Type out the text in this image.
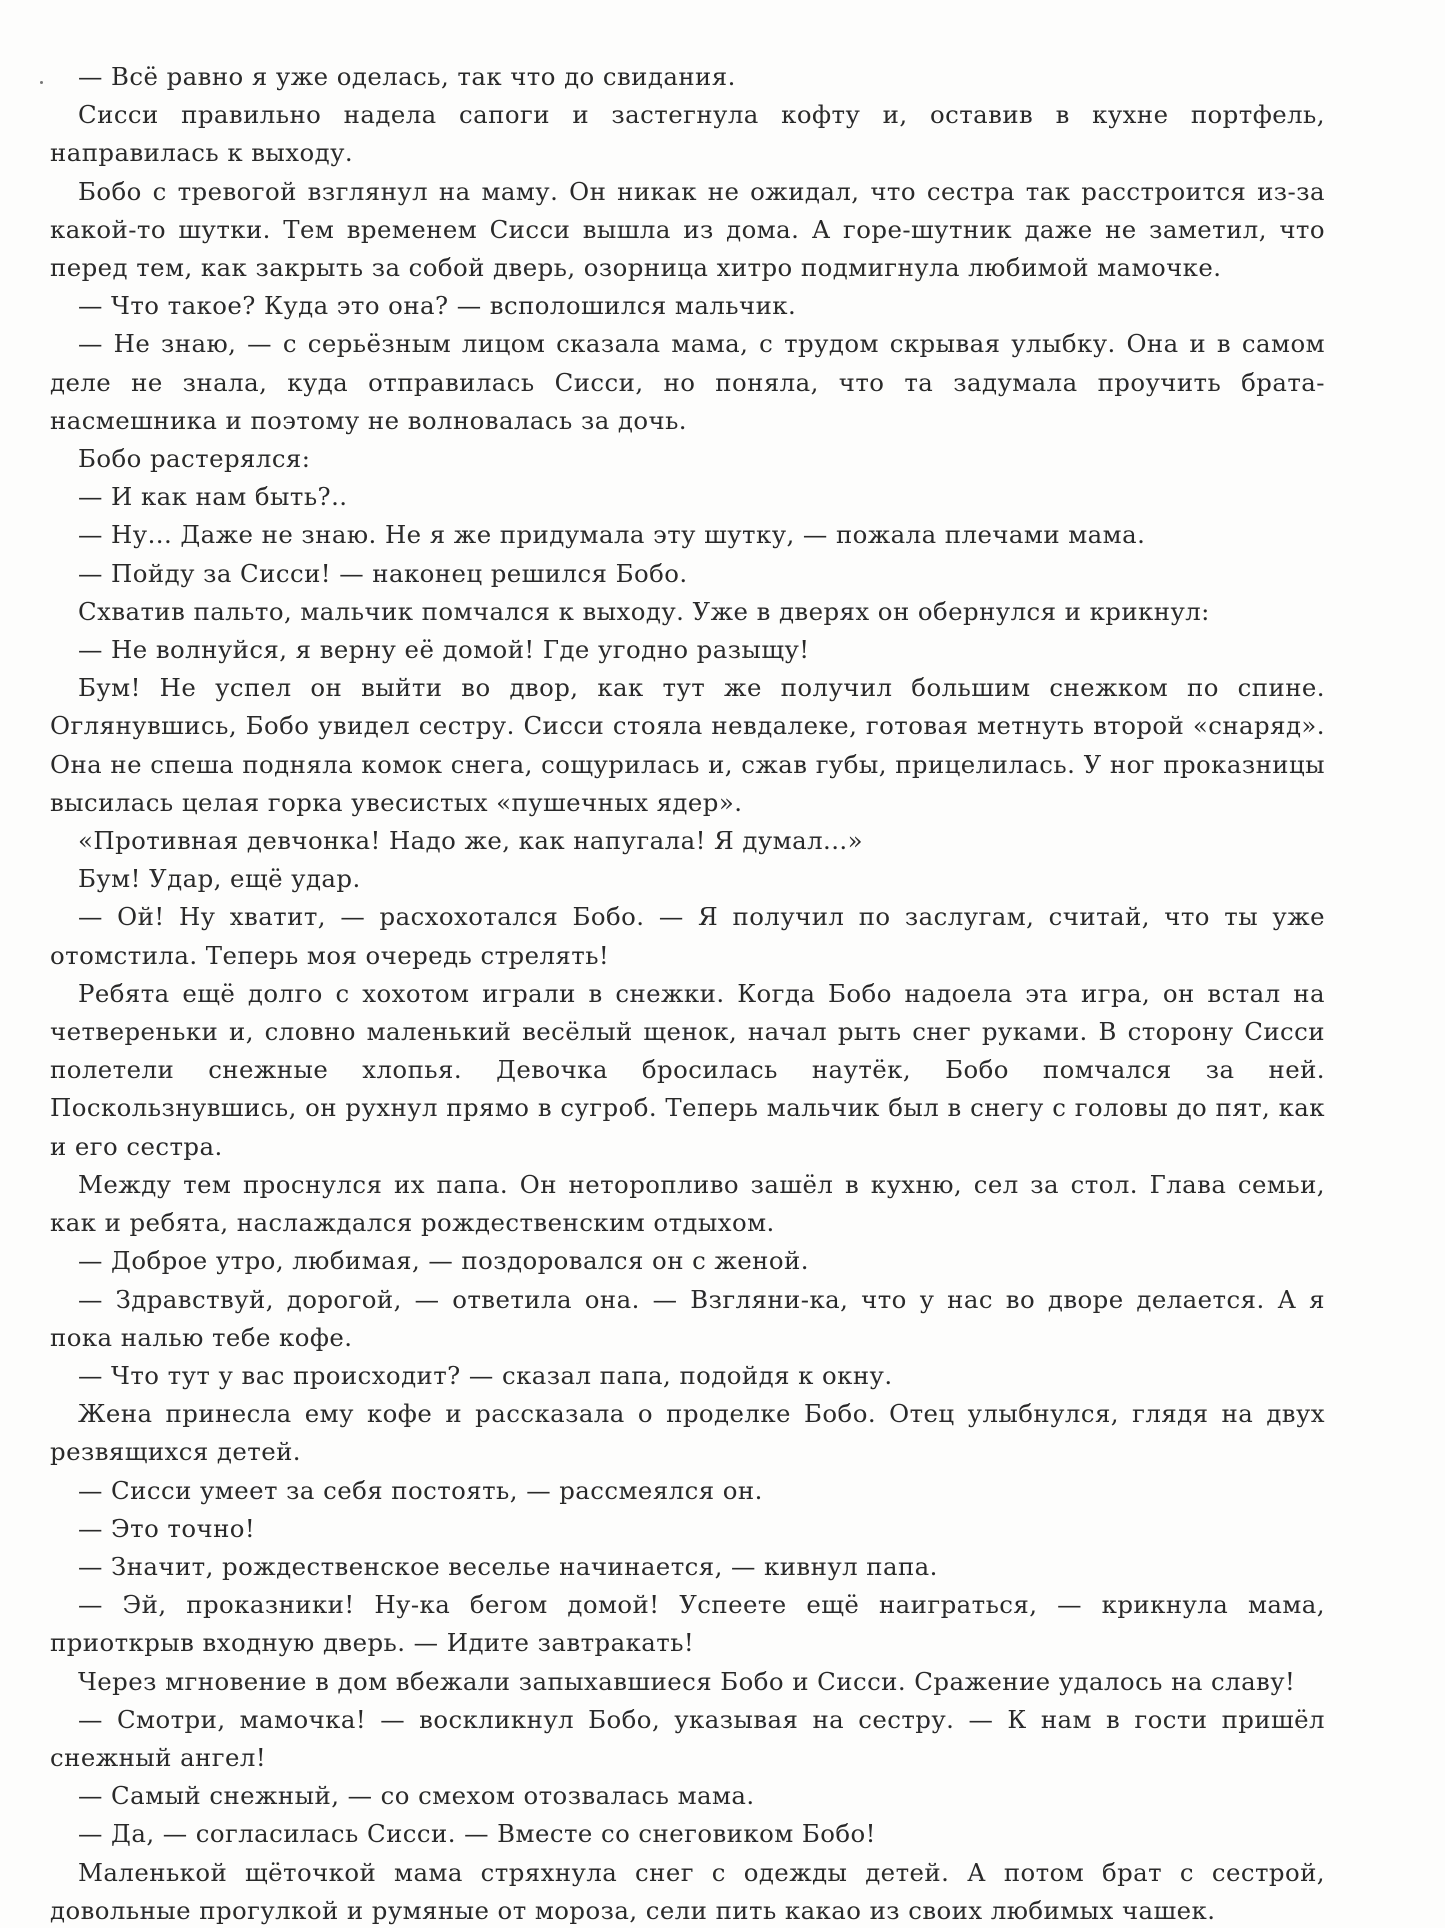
— Всё равно я уже оделась, так что до свидания.

Сисси правильно надела сапоги и застегнула кофту и, оставив в кухне портфель, направилась к выходу.

Бобо с тревогой взглянул на маму. Он никак не ожидал, что сестра так расстроится из-за какой-то шутки. Тем временем Сисси вышла из дома. А горе-шутник даже не заметил, что перед тем, как закрыть за собой дверь, озорница хитро подмигнула любимой мамочке.

— Что такое? Куда это она? — всполошился мальчик.

— Не знаю, — с серьёзным лицом сказала мама, с трудом скрывая улыбку. Она и в самом деле не знала, куда отправилась Сисси, но поняла, что та задумала проучить брата-насмешника и поэтому не волновалась за дочь.

Бобо растерялся:

— И как нам быть?..

— Ну... Даже не знаю. Не я же придумала эту шутку, — пожала плечами мама.

— Пойду за Сисси! — наконец решился Бобо.

Схватив пальто, мальчик помчался к выходу. Уже в дверях он обернулся и крикнул:

— Не волнуйся, я верну её домой! Где угодно разыщу!

Бум! Не успел он выйти во двор, как тут же получил большим снежком по спине. Оглянувшись, Бобо увидел сестру. Сисси стояла невдалеке, готовая метнуть второй «снаряд». Она не спеша подняла комок снега, сощурилась и, сжав губы, прицелилась. У ног проказницы высилась целая горка увесистых «пушечных ядер».

«Противная девчонка! Надо же, как напугала! Я думал...»

Бум! Удар, ещё удар.

— Ой! Ну хватит, — расхохотался Бобо. — Я получил по заслугам, считай, что ты уже отомстила. Теперь моя очередь стрелять!

Ребята ещё долго с хохотом играли в снежки. Когда Бобо надоела эта игра, он встал на четвереньки и, словно маленький весёлый щенок, начал рыть снег руками. В сторону Сисси полетели снежные хлопья. Девочка бросилась наутёк, Бобо помчался за ней. Поскользнувшись, он рухнул прямо в сугроб. Теперь мальчик был в снегу с головы до пят, как и его сестра.

Между тем проснулся их папа. Он неторопливо зашёл в кухню, сел за стол. Глава семьи, как и ребята, наслаждался рождественским отдыхом.

— Доброе утро, любимая, — поздоровался он с женой.

— Здравствуй, дорогой, — ответила она. — Взгляни-ка, что у нас во дворе делается. А я пока налью тебе кофе.

— Что тут у вас происходит? — сказал папа, подойдя к окну.

Жена принесла ему кофе и рассказала о проделке Бобо. Отец улыбнулся, глядя на двух резвящихся детей.

— Сисси умеет за себя постоять, — рассмеялся он.

— Это точно!

— Значит, рождественское веселье начинается, — кивнул папа.

— Эй, проказники! Ну-ка бегом домой! Успеете ещё наиграться, — крикнула мама, приоткрыв входную дверь. — Идите завтракать!

Через мгновение в дом вбежали запыхавшиеся Бобо и Сисси. Сражение удалось на славу!

— Смотри, мамочка! — воскликнул Бобо, указывая на сестру. — К нам в гости пришёл снежный ангел!

— Самый снежный, — со смехом отозвалась мама.

— Да, — согласилась Сисси. — Вместе со снеговиком Бобо!

Маленькой щёточкой мама стряхнула снег с одежды детей. А потом брат с сестрой, довольные прогулкой и румяные от мороза, сели пить какао из своих любимых чашек.
